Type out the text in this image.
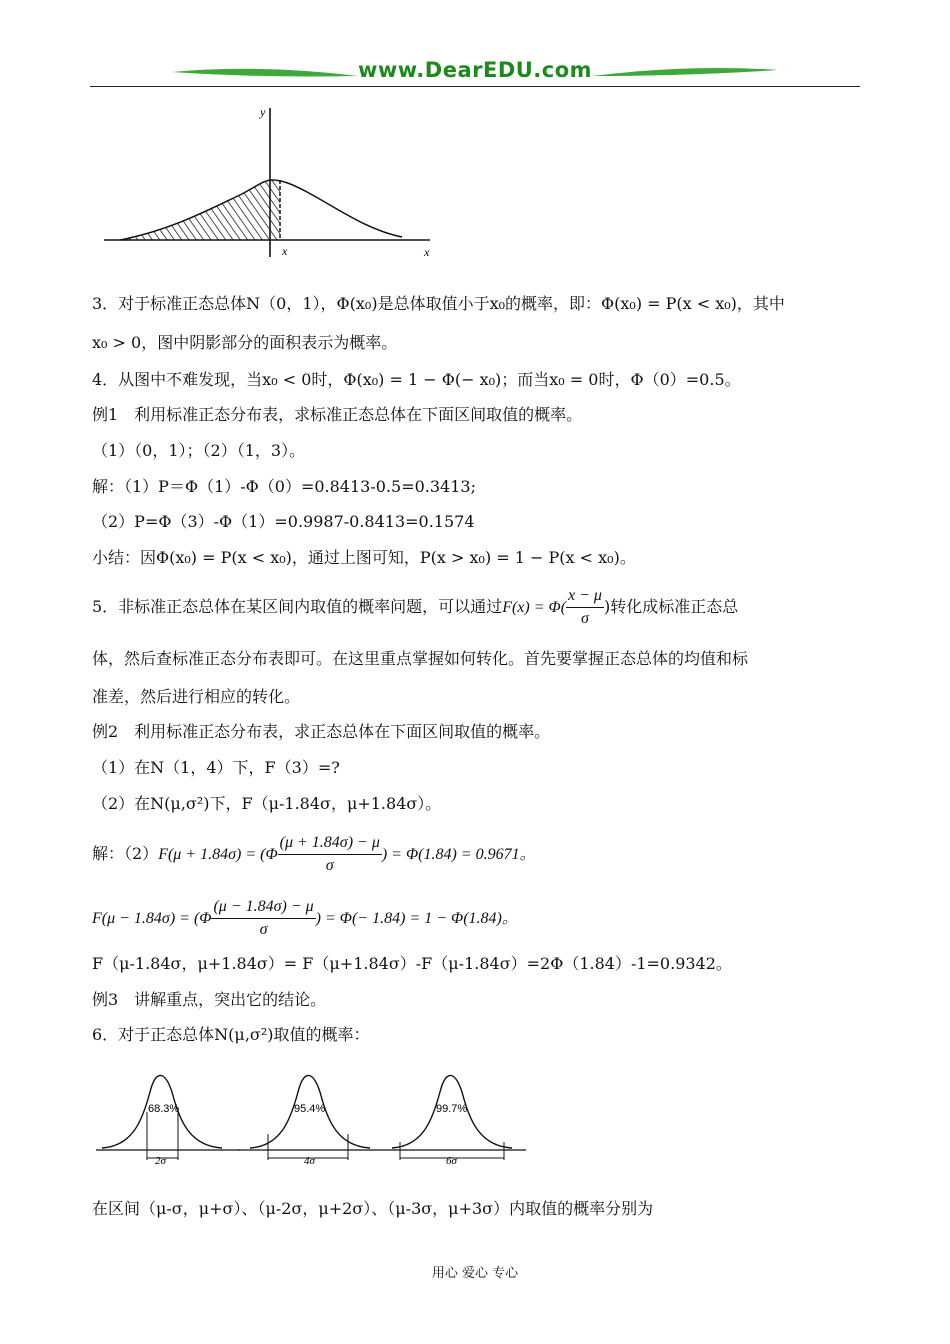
www.DearEDU.com
y
x	x
3．对于标准正态总体N（0，1），Φ(x₀)是总体取值小于x₀的概率，即：Φ(x₀) = P(x < x₀)，其中
x₀ > 0，图中阴影部分的面积表示为概率。
4．从图中不难发现，当x₀ < 0时，Φ(x₀) = 1 − Φ(− x₀)；而当x₀ = 0时，Φ（0）=0.5。
例1　利用标准正态分布表，求标准正态总体在下面区间取值的概率。
（1）（0，1）；（2）（1，3）。
解：（1）P＝Φ（1）-Φ（0）=0.8413-0.5=0.3413;
（2）P=Φ（3）-Φ（1）=0.9987-0.8413=0.1574
小结：因Φ(x₀) = P(x < x₀)，通过上图可知，P(x > x₀) = 1 − P(x < x₀)。
5．非标准正态总体在某区间内取值的概率问题，可以通过$F(x) = \Phi( \frac{x - \mu}{\sigma}$ )转化成标准正态总
体，然后查标准正态分布表即可。在这里重点掌握如何转化。首先要掌握正态总体的均值和标
准差，然后进行相应的转化。
例2　利用标准正态分布表，求正态总体在下面区间取值的概率。
（1）在N（1，4）下，F（3）=?
（2）在N(μ,σ²)下，F（μ-1.84σ，μ+1.84σ）。
解：$(2)F(\mu + 1.84\sigma) = (\Phi \frac{(\mu + 1.84\sigma) - \mu}{\sigma}$ ) = Φ(1.84) = 0.9671。
$F(\mu - 1.84\sigma) = (\Phi \frac{(\mu - 1.84\sigma) - \mu}{\sigma}$ ) = Φ(− 1.84) = 1 − Φ(1.84)。
F（μ-1.84σ，μ+1.84σ）= F（μ+1.84σ）-F（μ-1.84σ）=2Φ（1.84）-1=0.9342。
例3　讲解重点，突出它的结论。
6．对于正态总体N(μ,σ²)取值的概率：
68.3%
2σ
95.4%
4σ
99.7%
6σ
在区间（μ-σ，μ+σ）、（μ-2σ，μ+2σ）、（μ-3σ，μ+3σ）内取值的概率分别为
用心 爱心 专心
